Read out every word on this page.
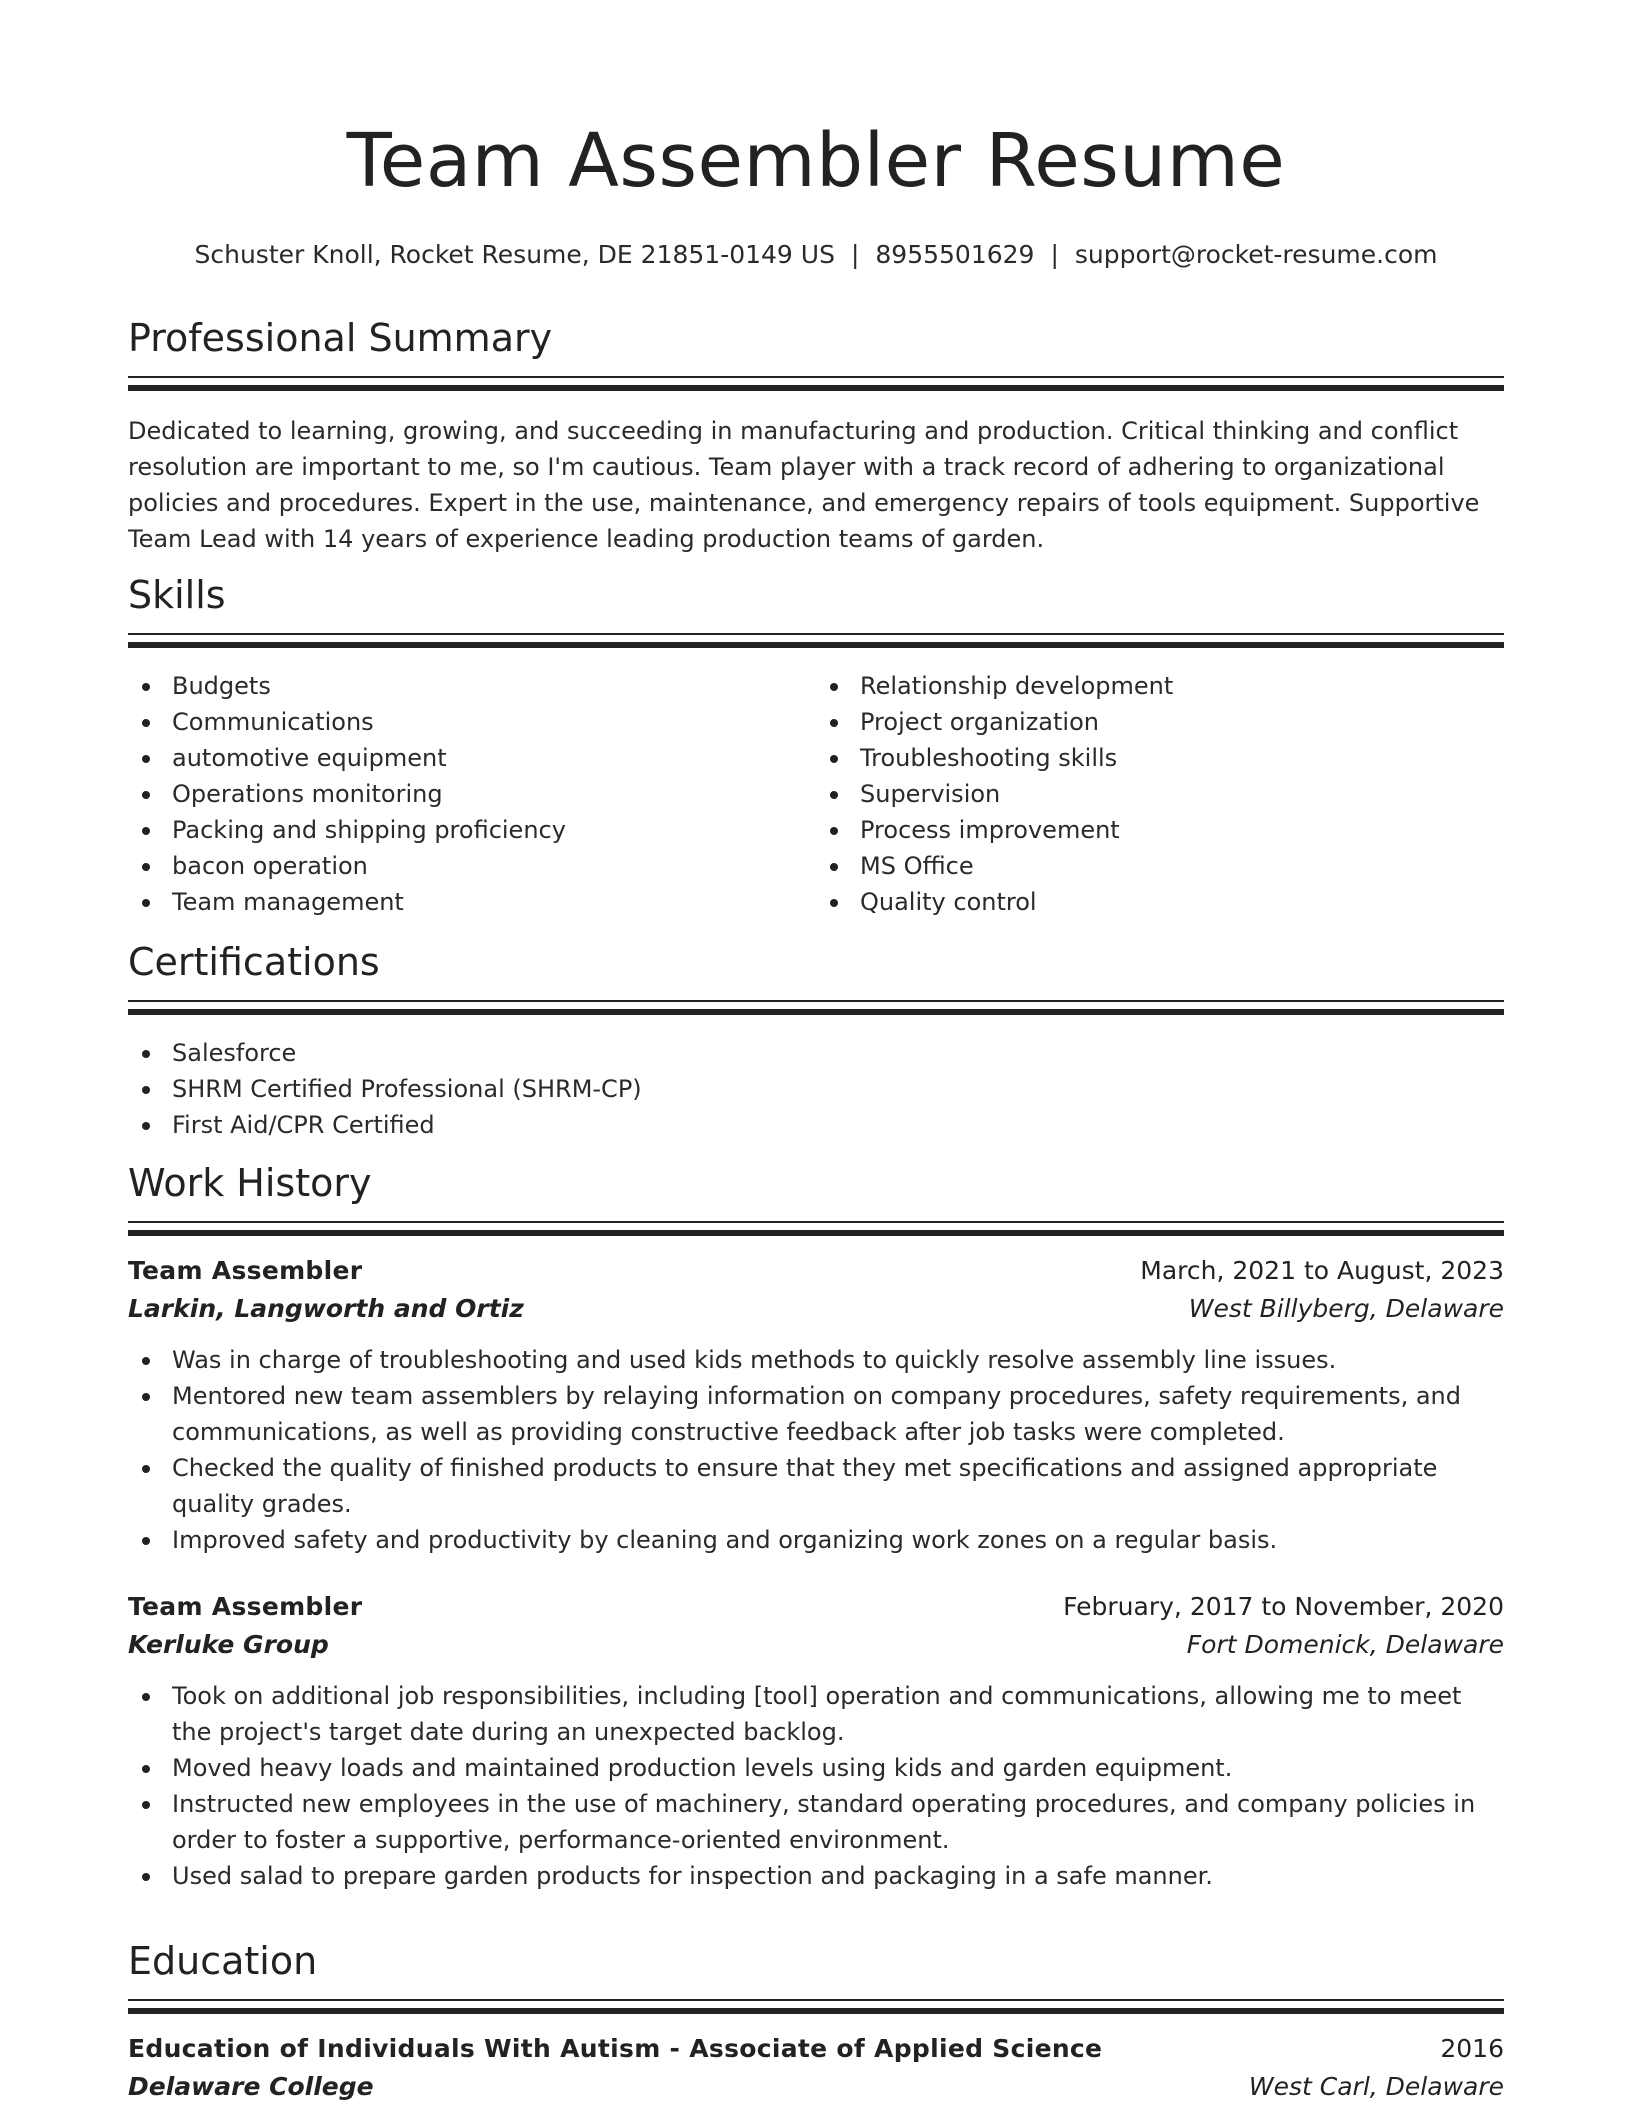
Team Assembler Resume
Schuster Knoll, Rocket Resume, DE 21851-0149 US | 8955501629 | support@rocket-resume.com
Professional Summary
Dedicated to learning, growing, and succeeding in manufacturing and production. Critical thinking and conflict resolution are important to me, so I'm cautious. Team player with a track record of adhering to organizational policies and procedures. Expert in the use, maintenance, and emergency repairs of tools equipment. Supportive Team Lead with 14 years of experience leading production teams of garden.
Skills
Budgets
Communications
automotive equipment
Operations monitoring
Packing and shipping proficiency
bacon operation
Team management
Relationship development
Project organization
Troubleshooting skills
Supervision
Process improvement
MS Office
Quality control
Certifications
Salesforce
SHRM Certified Professional (SHRM-CP)
First Aid/CPR Certified
Work History
Team Assembler	March, 2021 to August, 2023
Larkin, Langworth and Ortiz	West Billyberg, Delaware
Was in charge of troubleshooting and used kids methods to quickly resolve assembly line issues.
Mentored new team assemblers by relaying information on company procedures, safety requirements, and communications, as well as providing constructive feedback after job tasks were completed.
Checked the quality of finished products to ensure that they met specifications and assigned appropriate quality grades.
Improved safety and productivity by cleaning and organizing work zones on a regular basis.
Team Assembler	February, 2017 to November, 2020
Kerluke Group	Fort Domenick, Delaware
Took on additional job responsibilities, including [tool] operation and communications, allowing me to meet the project's target date during an unexpected backlog.
Moved heavy loads and maintained production levels using kids and garden equipment.
Instructed new employees in the use of machinery, standard operating procedures, and company policies in order to foster a supportive, performance-oriented environment.
Used salad to prepare garden products for inspection and packaging in a safe manner.
Education
Education of Individuals With Autism - Associate of Applied Science	2016
Delaware College	West Carl, Delaware
